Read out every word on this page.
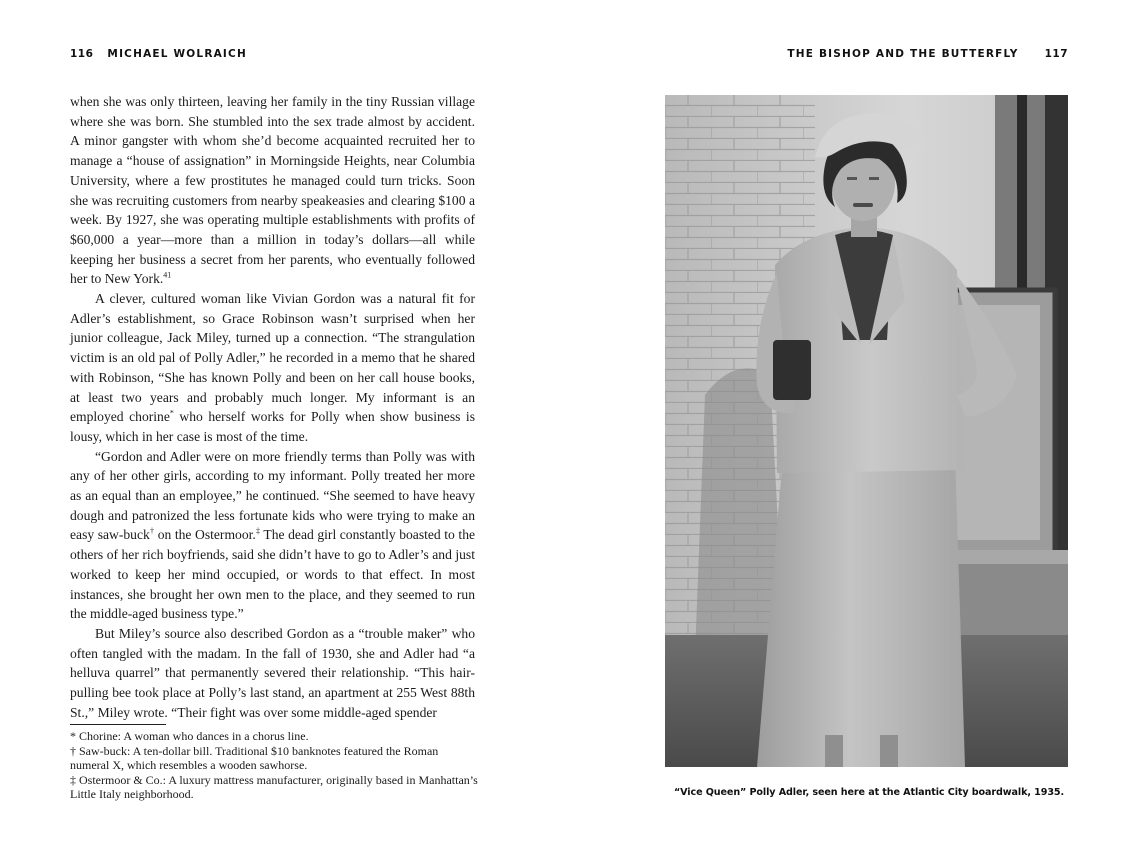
116 MICHAEL WOLRAICH

when she was only thirteen, leaving her family in the tiny Russian village where she was born. She stumbled into the sex trade almost by accident. A minor gangster with whom she’d become acquainted recruited her to manage a “house of assignation” in Morningside Heights, near Columbia University, where a few prostitutes he managed could turn tricks. Soon she was recruiting customers from nearby speakeasies and clearing $100 a week. By 1927, she was operating multiple establishments with profits of $60,000 a year—more than a million in today’s dollars—all while keeping her business a secret from her parents, who eventually followed her to New York.$^{41}$

A clever, cultured woman like Vivian Gordon was a natural fit for Adler’s establishment, so Grace Robinson wasn’t surprised when her junior colleague, Jack Miley, turned up a connection. “The strangulation victim is an old pal of Polly Adler,” he recorded in a memo that he shared with Robinson, “She has known Polly and been on her call house books, at least two years and probably much longer. My informant is an employed chorine* who herself works for Polly when show business is lousy, which in her case is most of the time.

“Gordon and Adler were on more friendly terms than Polly was with any of her other girls, according to my informant. Polly treated her more as an equal than an employee,” he continued. “She seemed to have heavy dough and patronized the less fortunate kids who were trying to make an easy saw-buck† on the Ostermoor.‡ The dead girl constantly boasted to the others of her rich boyfriends, said she didn’t have to go to Adler’s and just worked to keep her mind occupied, or words to that effect. In most instances, she brought her own men to the place, and they seemed to run the middle-aged business type.”

But Miley’s source also described Gordon as a “trouble maker” who often tangled with the madam. In the fall of 1930, she and Adler had “a helluva quarrel” that permanently severed their relationship. “This hair-pulling bee took place at Polly’s last stand, an apartment at 255 West 88th St.,” Miley wrote. “Their fight was over some middle-aged spender

* Chorine: A woman who dances in a chorus line.

† Saw-buck: A ten-dollar bill. Traditional $10 banknotes featured the Roman numeral X, which resembles a wooden sawhorse.

‡ Ostermoor & Co.: A luxury mattress manufacturer, originally based in Manhattan’s Little Italy neighborhood.

THE BISHOP AND THE BUTTERFLY 117
“Vice Queen” Polly Adler, seen here at the Atlantic City boardwalk, 1935.
